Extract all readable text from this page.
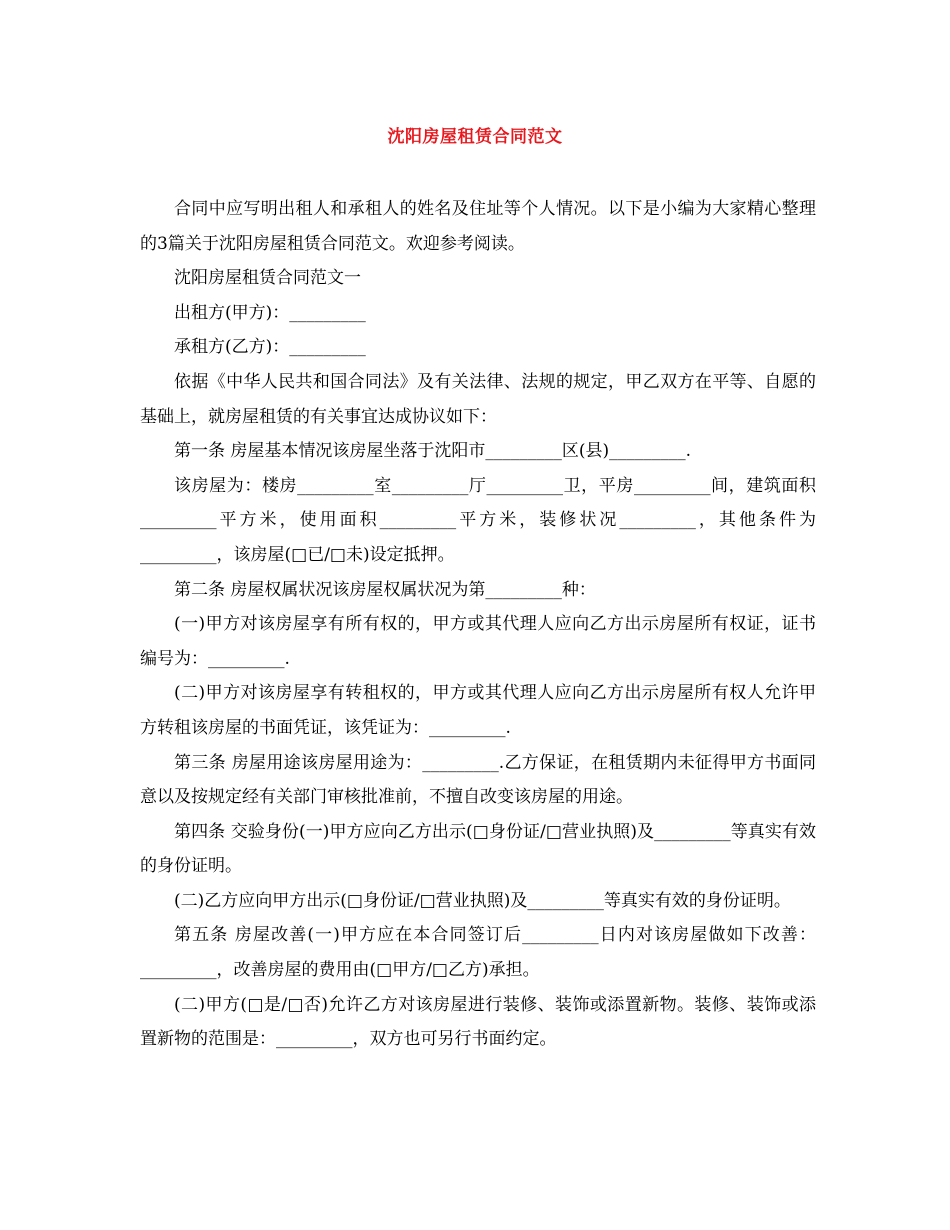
沈阳房屋租赁合同范文

合同中应写明出租人和承租人的姓名及住址等个人情况。以下是小编为大家精心整理的3篇关于沈阳房屋租赁合同范文。欢迎参考阅读。

沈阳房屋租赁合同范文一

出租方(甲方)：_________

承租方(乙方)：_________

依据《中华人民共和国合同法》及有关法律、法规的规定，甲乙双方在平等、自愿的基础上，就房屋租赁的有关事宜达成协议如下：

第一条 房屋基本情况该房屋坐落于沈阳市_________区(县)_________.

该房屋为：楼房_________室_________厅_________卫，平房_________间，建筑面积_________平方米，使用面积_________平方米，装修状况_________，其他条件为_________，该房屋(□已/□未)设定抵押。

第二条 房屋权属状况该房屋权属状况为第_________种：

(一)甲方对该房屋享有所有权的，甲方或其代理人应向乙方出示房屋所有权证，证书编号为：_________.

(二)甲方对该房屋享有转租权的，甲方或其代理人应向乙方出示房屋所有权人允许甲方转租该房屋的书面凭证，该凭证为：_________.

第三条 房屋用途该房屋用途为：_________.乙方保证，在租赁期内未征得甲方书面同意以及按规定经有关部门审核批准前，不擅自改变该房屋的用途。

第四条 交验身份(一)甲方应向乙方出示(□身份证/□营业执照)及_________等真实有效的身份证明。

(二)乙方应向甲方出示(□身份证/□营业执照)及_________等真实有效的身份证明。

第五条 房屋改善(一)甲方应在本合同签订后_________日内对该房屋做如下改善：_________，改善房屋的费用由(□甲方/□乙方)承担。

(二)甲方(□是/□否)允许乙方对该房屋进行装修、装饰或添置新物。装修、装饰或添置新物的范围是：_________，双方也可另行书面约定。
